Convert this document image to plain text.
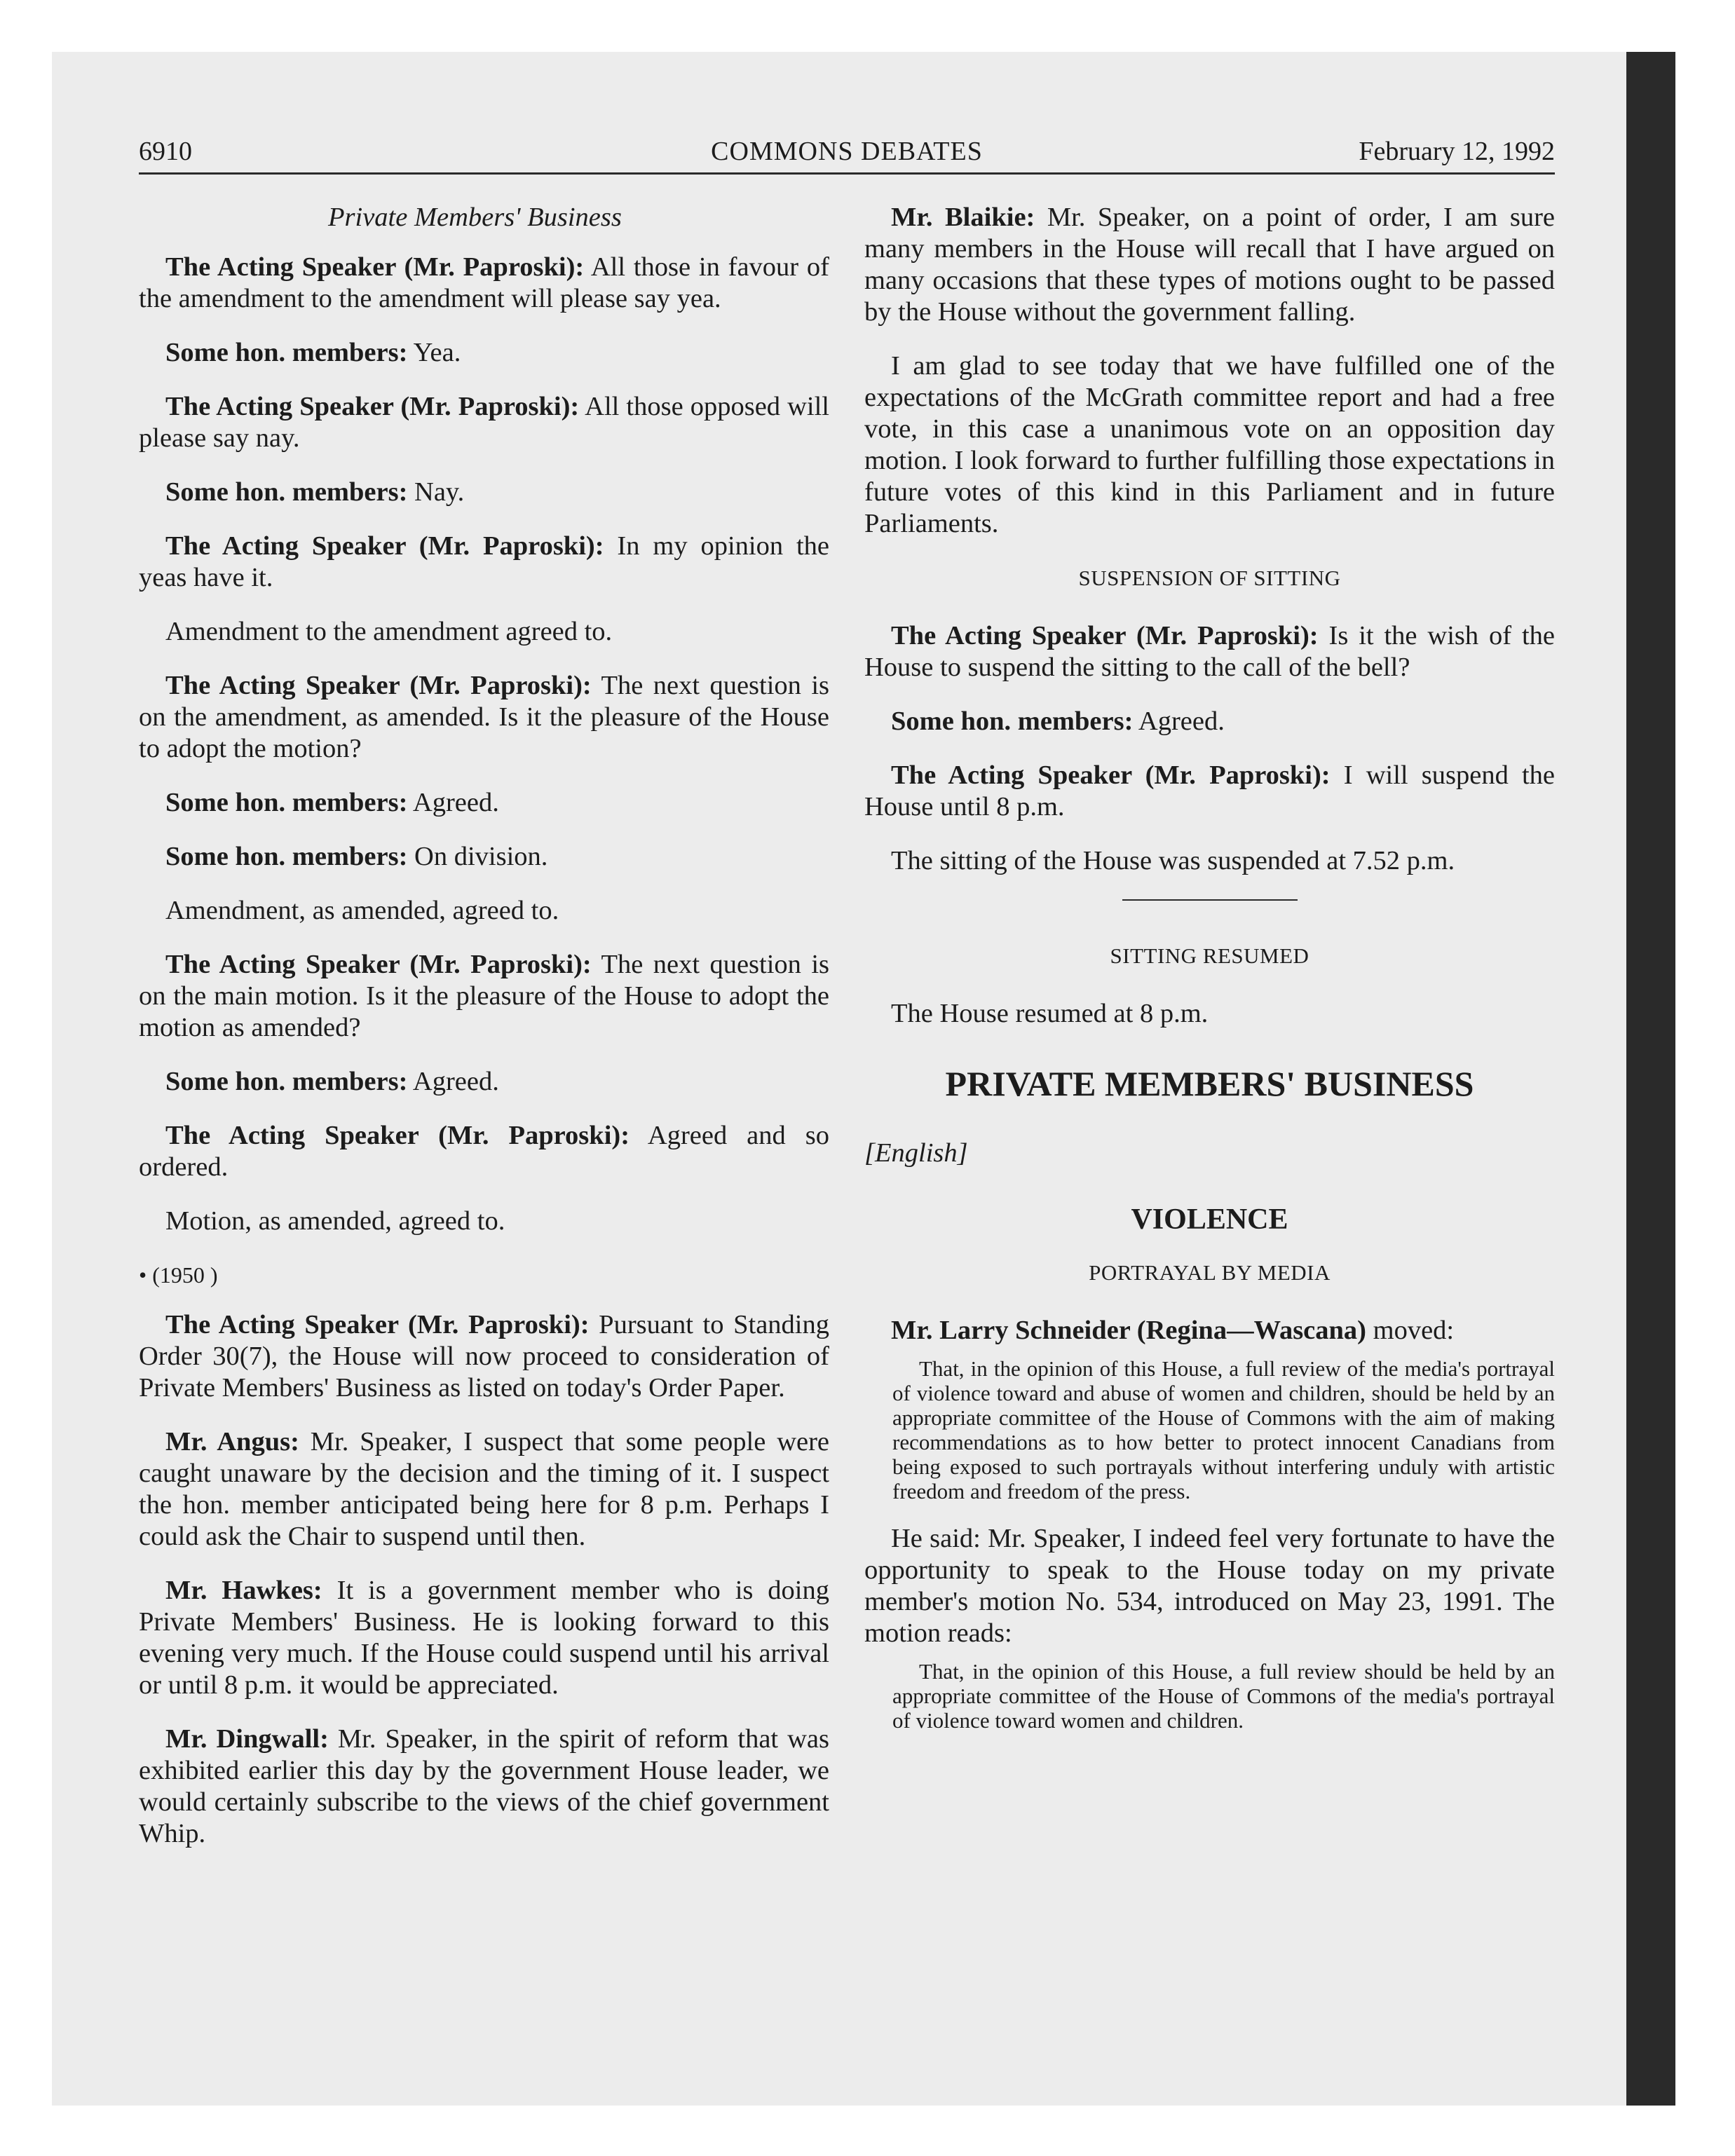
6910	COMMONS DEBATES	February 12, 1992

Private Members' Business

The Acting Speaker (Mr. Paproski): All those in favour of the amendment to the amendment will please say yea.

Some hon. members: Yea.

The Acting Speaker (Mr. Paproski): All those opposed will please say nay.

Some hon. members: Nay.

The Acting Speaker (Mr. Paproski): In my opinion the yeas have it.

Amendment to the amendment agreed to.

The Acting Speaker (Mr. Paproski): The next question is on the amendment, as amended. Is it the pleasure of the House to adopt the motion?

Some hon. members: Agreed.

Some hon. members: On division.

Amendment, as amended, agreed to.

The Acting Speaker (Mr. Paproski): The next question is on the main motion. Is it the pleasure of the House to adopt the motion as amended?

Some hon. members: Agreed.

The Acting Speaker (Mr. Paproski): Agreed and so ordered.

Motion, as amended, agreed to.

• (1950 )

The Acting Speaker (Mr. Paproski): Pursuant to Standing Order 30(7), the House will now proceed to consideration of Private Members' Business as listed on today's Order Paper.

Mr. Angus: Mr. Speaker, I suspect that some people were caught unaware by the decision and the timing of it. I suspect the hon. member anticipated being here for 8 p.m. Perhaps I could ask the Chair to suspend until then.

Mr. Hawkes: It is a government member who is doing Private Members' Business. He is looking forward to this evening very much. If the House could suspend until his arrival or until 8 p.m. it would be appreciated.

Mr. Dingwall: Mr. Speaker, in the spirit of reform that was exhibited earlier this day by the government House leader, we would certainly subscribe to the views of the chief government Whip.

Mr. Blaikie: Mr. Speaker, on a point of order, I am sure many members in the House will recall that I have argued on many occasions that these types of motions ought to be passed by the House without the government falling.

I am glad to see today that we have fulfilled one of the expectations of the McGrath committee report and had a free vote, in this case a unanimous vote on an opposition day motion. I look forward to further fulfilling those expectations in future votes of this kind in this Parliament and in future Parliaments.

SUSPENSION OF SITTING

The Acting Speaker (Mr. Paproski): Is it the wish of the House to suspend the sitting to the call of the bell?

Some hon. members: Agreed.

The Acting Speaker (Mr. Paproski): I will suspend the House until 8 p.m.

The sitting of the House was suspended at 7.52 p.m.

SITTING RESUMED

The House resumed at 8 p.m.

PRIVATE MEMBERS' BUSINESS

[English]

VIOLENCE

PORTRAYAL BY MEDIA

Mr. Larry Schneider (Regina—Wascana) moved:

That, in the opinion of this House, a full review of the media's portrayal of violence toward and abuse of women and children, should be held by an appropriate committee of the House of Commons with the aim of making recommendations as to how better to protect innocent Canadians from being exposed to such portrayals without interfering unduly with artistic freedom and freedom of the press.

He said: Mr. Speaker, I indeed feel very fortunate to have the opportunity to speak to the House today on my private member's motion No. 534, introduced on May 23, 1991. The motion reads:

That, in the opinion of this House, a full review should be held by an appropriate committee of the House of Commons of the media's portrayal of violence toward women and children.
